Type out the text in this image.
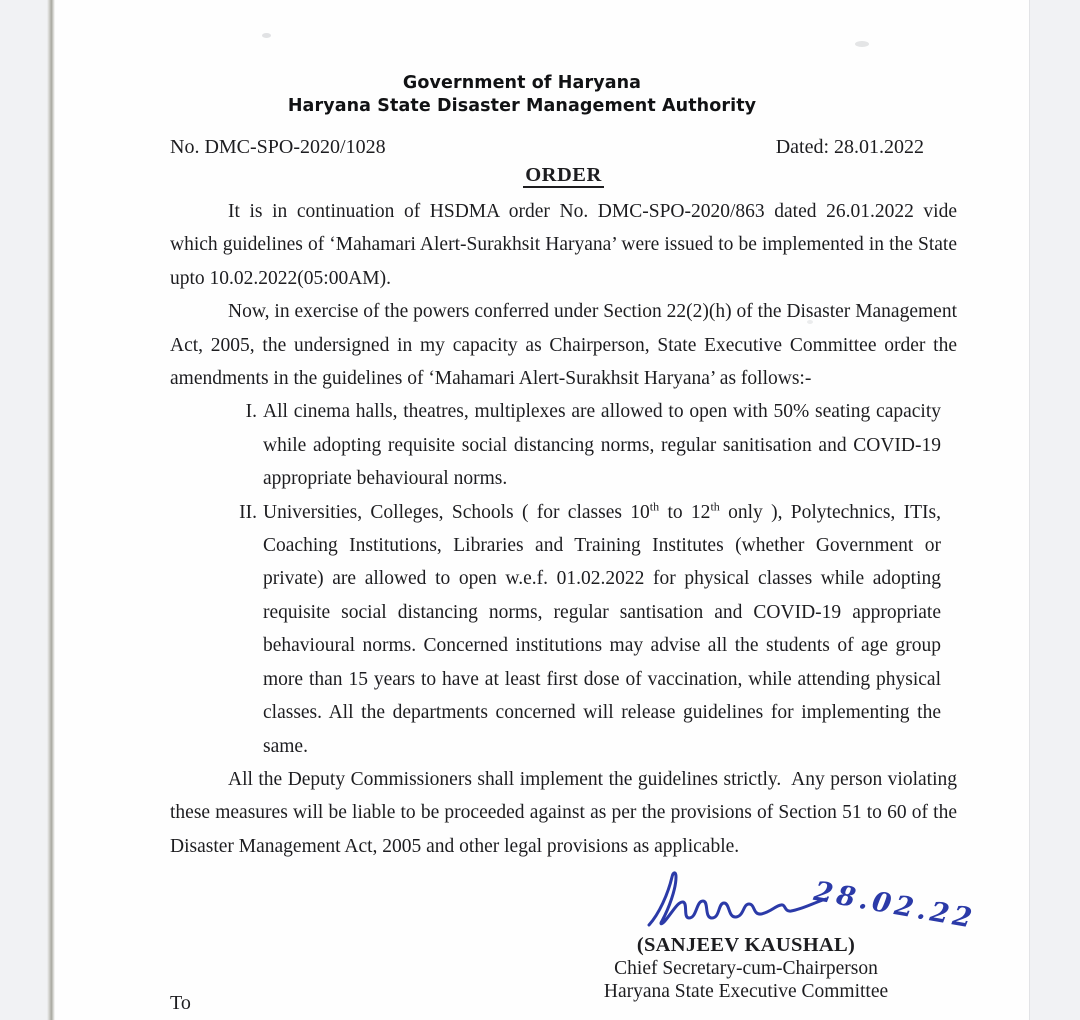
Government of Haryana
Haryana State Disaster Management Authority
No. DMC-SPO-2020/1028	Dated: 28.01.2022
ORDER

It is in continuation of HSDMA order No. DMC-SPO-2020/863 dated 26.01.2022 vide which guidelines of ‘Mahamari Alert-Surakhsit Haryana’ were issued to be implemented in the State upto 10.02.2022(05:00AM).

Now, in exercise of the powers conferred under Section 22(2)(h) of the Disaster Management Act, 2005, the undersigned in my capacity as Chairperson, State Executive Committee order the amendments in the guidelines of ‘Mahamari Alert-Surakhsit Haryana’ as follows:-

I. All cinema halls, theatres, multiplexes are allowed to open with 50% seating capacity while adopting requisite social distancing norms, regular sanitisation and COVID-19 appropriate behavioural norms.
II. Universities, Colleges, Schools ( for classes 10th to 12th only ), Polytechnics, ITIs, Coaching Institutions, Libraries and Training Institutes (whether Government or private) are allowed to open w.e.f. 01.02.2022 for physical classes while adopting requisite social distancing norms, regular santisation and COVID-19 appropriate behavioural norms. Concerned institutions may advise all the students of age group more than 15 years to have at least first dose of vaccination, while attending physical classes. All the departments concerned will release guidelines for implementing the same.

All the Deputy Commissioners shall implement the guidelines strictly.  Any person violating these measures will be liable to be proceeded against as per the provisions of Section 51 to 60 of the Disaster Management Act, 2005 and other legal provisions as applicable.

28.02.22
(SANJEEV KAUSHAL)
Chief Secretary-cum-Chairperson
Haryana State Executive Committee
To
